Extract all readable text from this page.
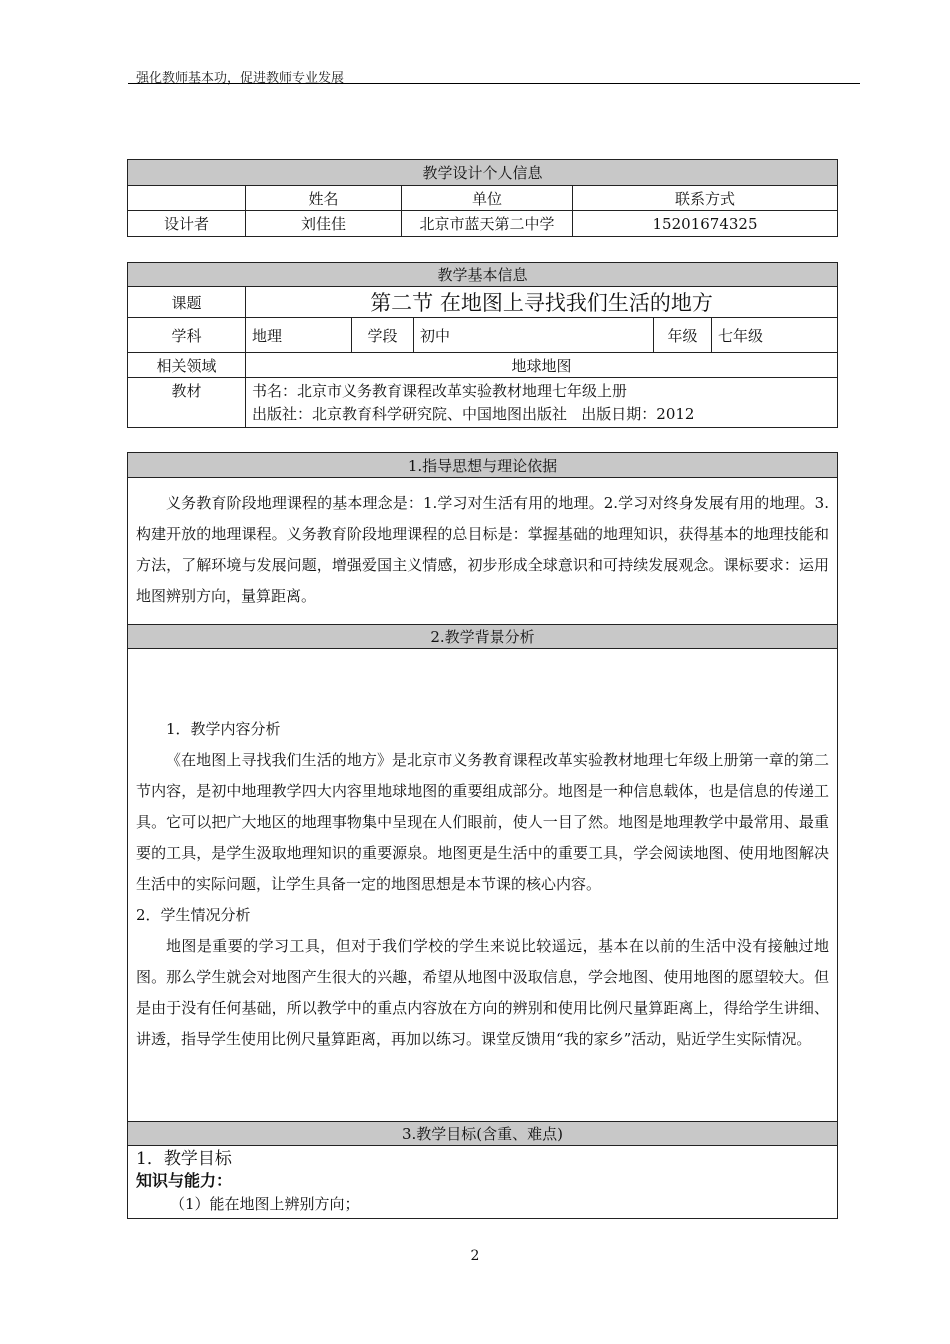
强化教师基本功，促进教师专业发展
教学设计个人信息			
	姓名	单位	联系方式
设计者	刘佳佳	北京市蓝天第二中学	15201674325
教学基本信息					
课题	第二节 在地图上寻找我们生活的地方				
学科	地理	学段	初中	年级	七年级
相关领域	地球地图				
教材	书名：北京市义务教育课程改革实验教材地理七年级上册
出版社：北京教育科学研究院、中国地图出版社   出版日期：2012				
1.指导思想与理论依据

义务教育阶段地理课程的基本理念是：1.学习对生活有用的地理。2.学习对终身发展有用的地理。3.构建开放的地理课程。义务教育阶段地理课程的总目标是：掌握基础的地理知识，获得基本的地理技能和方法，了解环境与发展问题，增强爱国主义情感，初步形成全球意识和可持续发展观念。课标要求：运用地图辨别方向，量算距离。

2.教学背景分析

1．教学内容分析

《在地图上寻找我们生活的地方》是北京市义务教育课程改革实验教材地理七年级上册第一章的第二节内容，是初中地理教学四大内容里地球地图的重要组成部分。地图是一种信息载体，也是信息的传递工具。它可以把广大地区的地理事物集中呈现在人们眼前，使人一目了然。地图是地理教学中最常用、最重要的工具，是学生汲取地理知识的重要源泉。地图更是生活中的重要工具，学会阅读地图、使用地图解决生活中的实际问题，让学生具备一定的地图思想是本节课的核心内容。

2．学生情况分析

地图是重要的学习工具，但对于我们学校的学生来说比较遥远，基本在以前的生活中没有接触过地图。那么学生就会对地图产生很大的兴趣，希望从地图中汲取信息，学会地图、使用地图的愿望较大。但是由于没有任何基础，所以教学中的重点内容放在方向的辨别和使用比例尺量算距离上，得给学生讲细、讲透，指导学生使用比例尺量算距离，再加以练习。课堂反馈用“我的家乡”活动，贴近学生实际情况。

3.教学目标(含重、难点)

1．教学目标
知识与能力：
（1）能在地图上辨别方向；
2
